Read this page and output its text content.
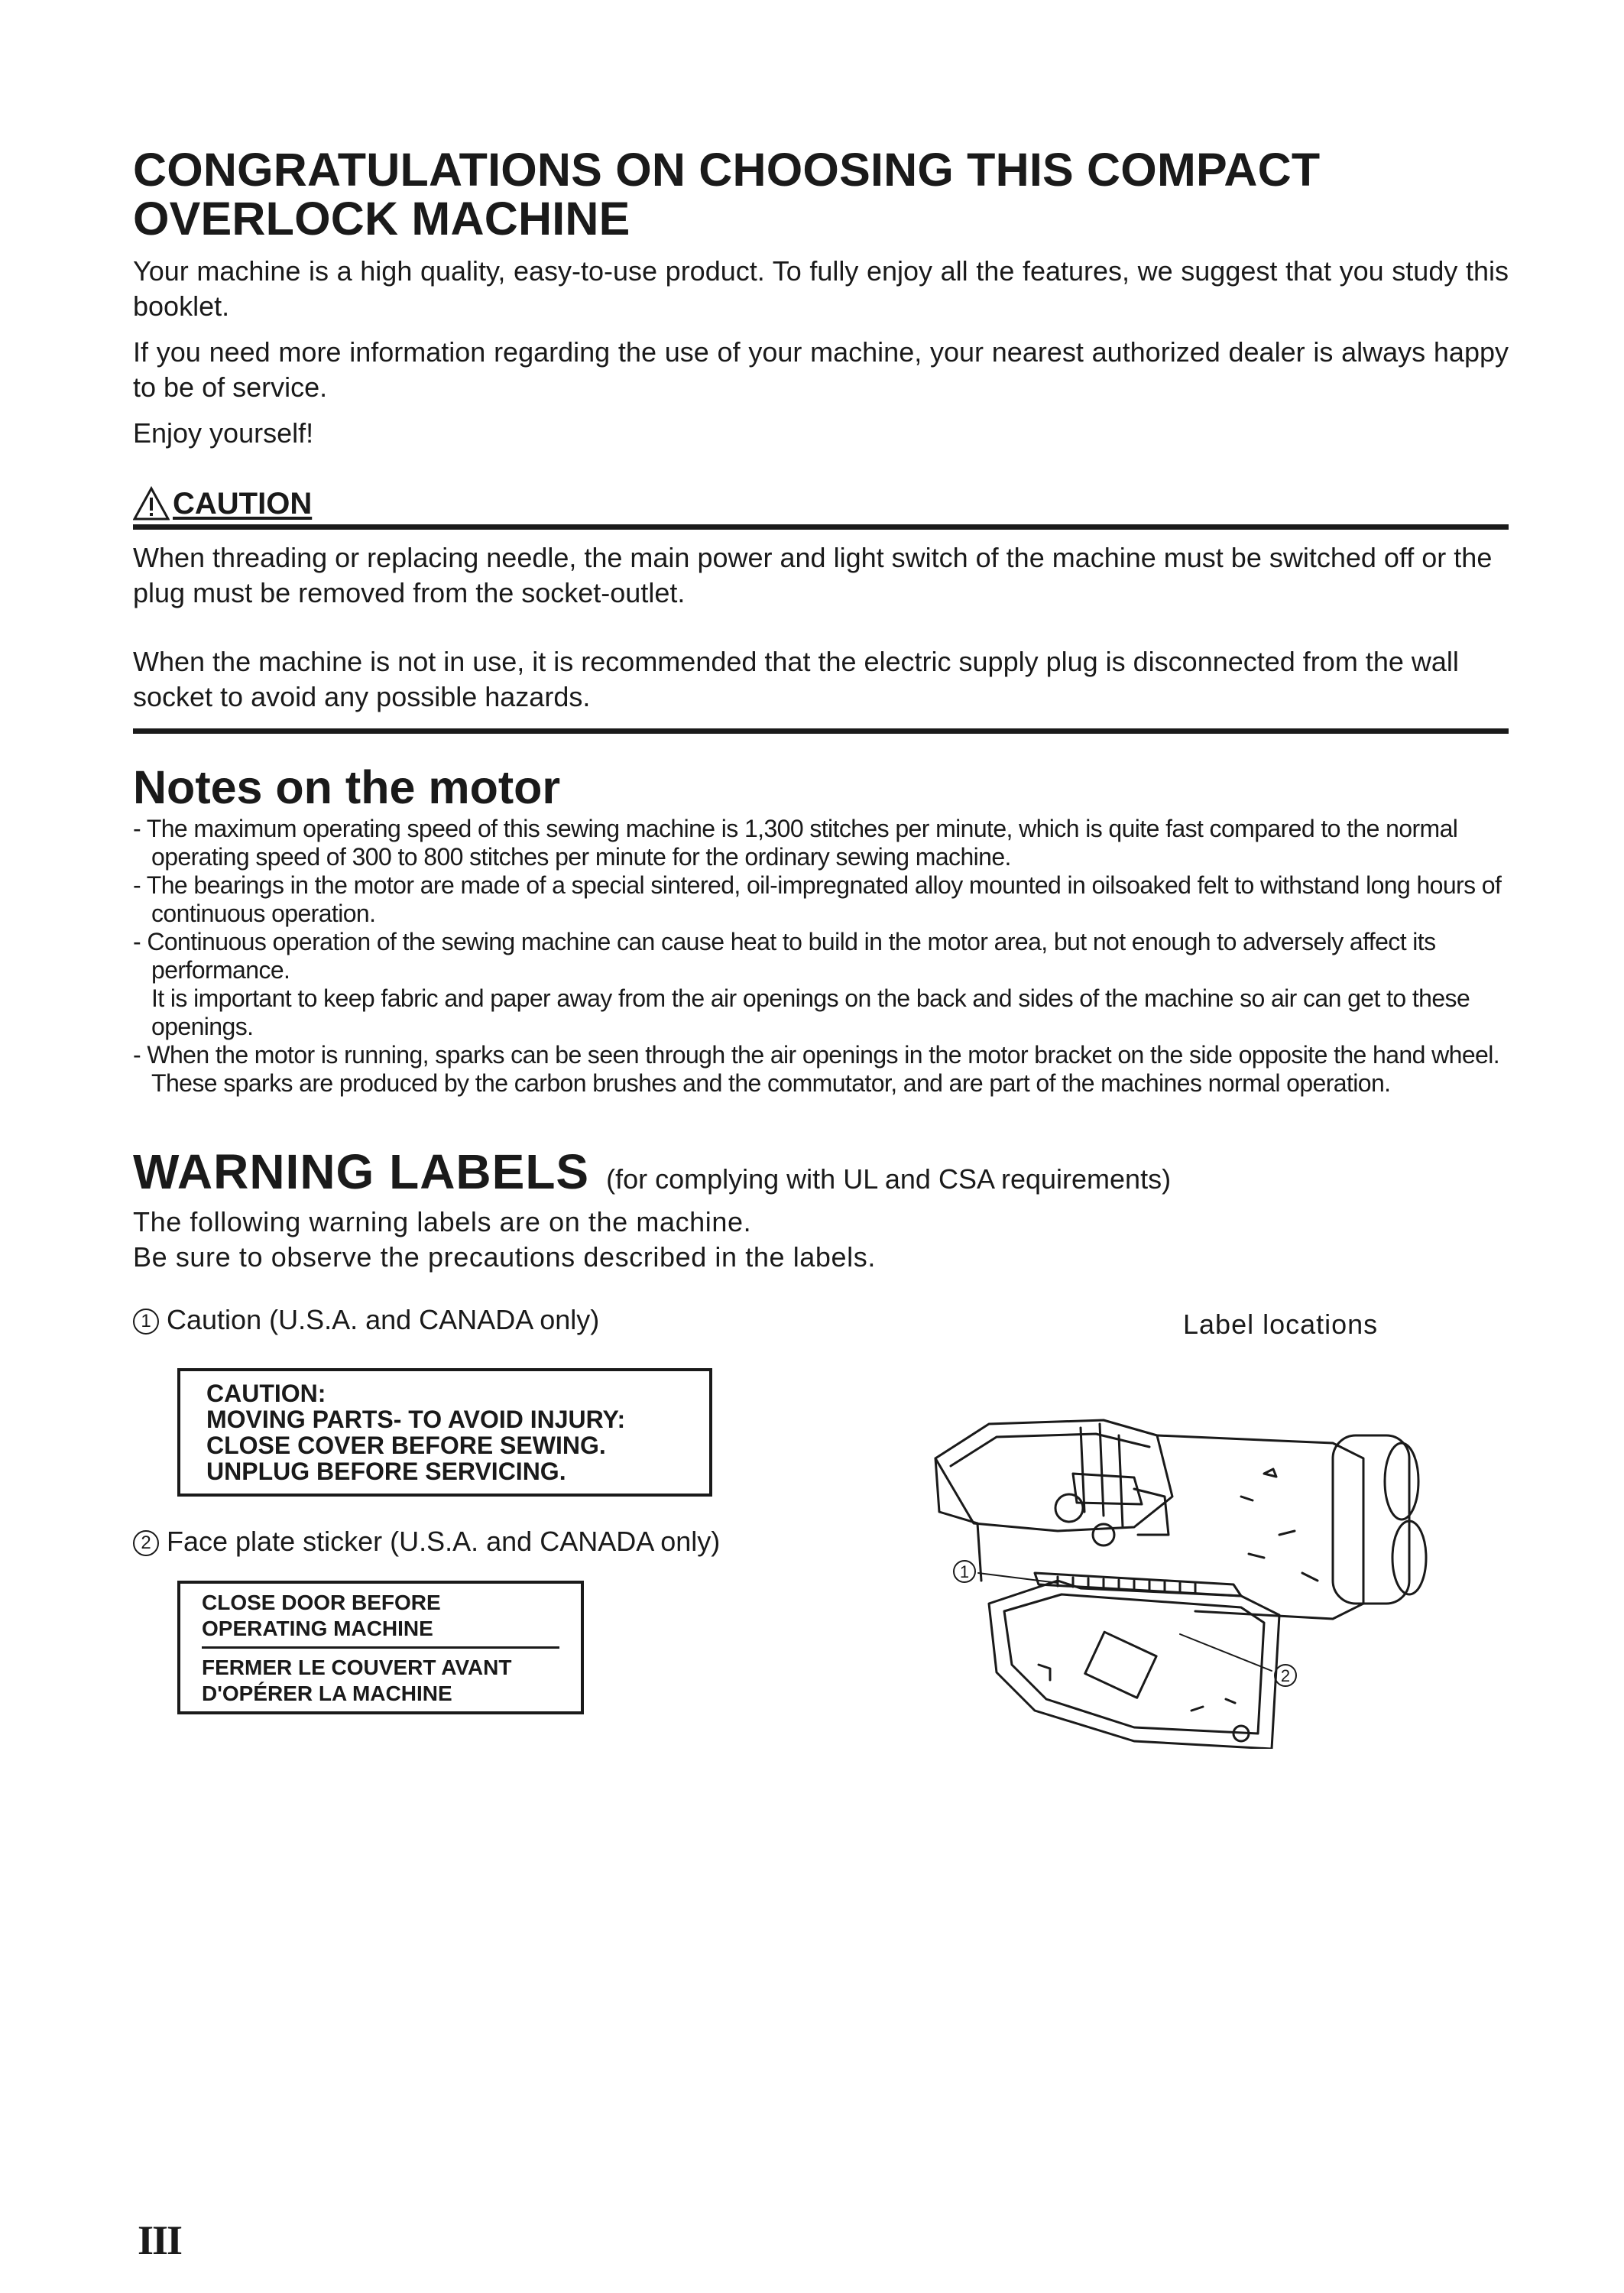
CONGRATULATIONS ON CHOOSING THIS COMPACT OVERLOCK MACHINE

Your machine is a high quality, easy-to-use product. To fully enjoy all the features, we suggest that you study this booklet.

If you need more information regarding the use of your machine, your nearest authorized dealer is always happy to be of service.

Enjoy yourself!

CAUTION

When threading or replacing needle, the main power and light switch of the machine must be switched off or the plug must be removed from the socket-outlet.

When the machine is not in use, it is recommended that the electric supply plug is disconnected from the wall socket to avoid any possible hazards.

Notes on the motor
- The maximum operating speed of this sewing machine is 1,300 stitches per minute, which is quite fast compared to the normal operating speed of 300 to 800 stitches per minute for the ordinary sewing machine.
- The bearings in the motor are made of a special sintered, oil-impregnated alloy mounted in oilsoaked felt to withstand long hours of continuous operation.
- Continuous operation of the sewing machine can cause heat to build in the motor area, but not enough to adversely affect its performance.
It is important to keep fabric and paper away from the air openings on the back and sides of the machine so air can get to these openings.
- When the motor is running, sparks can be seen through the air openings in the motor bracket on the side opposite the hand wheel. These sparks are produced by the carbon brushes and the commutator, and are part of the machines normal operation.
WARNING LABELS (for complying with UL and CSA requirements)

The following warning labels are on the machine.

Be sure to observe the precautions described in the labels.

1 Caution (U.S.A. and CANADA only)
CAUTION:
MOVING PARTS- TO AVOID INJURY:
CLOSE COVER BEFORE SEWING.
UNPLUG BEFORE SERVICING.
2 Face plate sticker (U.S.A. and CANADA only)
CLOSE DOOR BEFORE
OPERATING MACHINE
FERMER LE COUVERT AVANT
D'OPÉRER LA MACHINE
Label locations
1
2
III
